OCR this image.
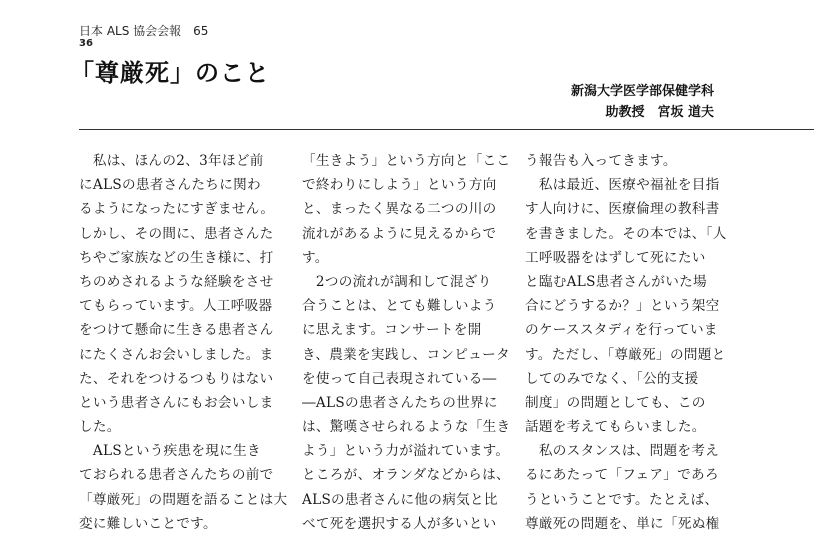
日本 ALS 協会会報　65
36
「尊厳死」のこと
新潟大学医学部保健学科
助教授　 宮坂 道夫
　私は、ほんの2、3年ほど前
にALSの患者さんたちに関わ
るようになったにすぎません。
しかし、その間に、患者さんた
ちやご家族などの生き様に、打
ちのめされるような経験をさせ
てもらっています。人工呼吸器
をつけて懸命に生きる患者さん
にたくさんお会いしました。ま
た、それをつけるつもりはない
という患者さんにもお会いしま
した。
　ALSという疾患を現に生き
ておられる患者さんたちの前で
「尊厳死」の問題を語ることは大
変に難しいことです。
「生きよう」という方向と「ここ
で終わりにしよう」という方向
と、まったく異なる二つの川の
流れがあるように見えるからで
す。
　2つの流れが調和して混ざり
合うことは、とても難しいよう
に思えます。コンサートを開
き、農業を実践し、コンピュータ
を使って自己表現されている―
―ALSの患者さんたちの世界に
は、驚嘆させられるような「生き
よう」という力が溢れています。
ところが、オランダなどからは、
ALSの患者さんに他の病気と比
べて死を選択する人が多いとい
う報告も入ってきます。
　私は最近、医療や福祉を目指
す人向けに、医療倫理の教科書
を書きました。その本では、「人
工呼吸器をはずして死にたい
と臨むALS患者さんがいた場
合にどうするか？」という架空
のケーススタディを行っていま
す。ただし、「尊厳死」の問題と
してのみでなく、「公的支援
制度」の問題としても、この
話題を考えてもらいました。
　私のスタンスは、問題を考え
るにあたって「フェア」であろ
うということです。たとえば、
尊厳死の問題を、単に「死ぬ権
